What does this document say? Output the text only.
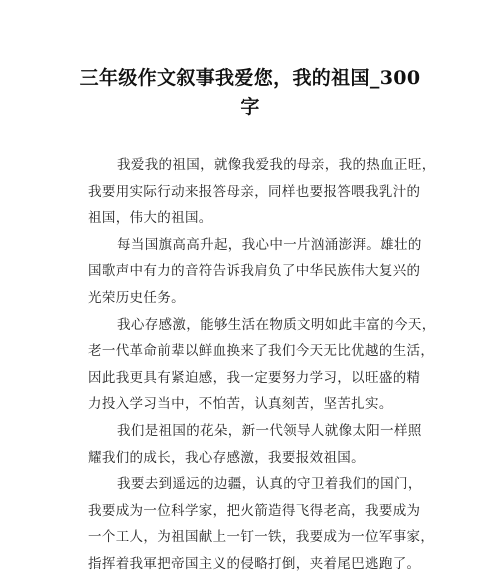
三年级作文叙事我爱您，我的祖国_300
字
我爱我的祖国，就像我爱我的母亲，我的热血正旺，
我要用实际行动来报答母亲，同样也要报答喂我乳汁的
祖国，伟大的祖国。
每当国旗高高升起，我心中一片汹涌澎湃。雄壮的
国歌声中有力的音符告诉我肩负了中华民族伟大复兴的
光荣历史任务。
我心存感激，能够生活在物质文明如此丰富的今天，
老一代革命前辈以鲜血换来了我们今天无比优越的生活，
因此我更具有紧迫感，我一定要努力学习，以旺盛的精
力投入学习当中，不怕苦，认真刻苦，坚苦扎实。
我们是祖国的花朵，新一代领导人就像太阳一样照
耀我们的成长，我心存感激，我要报效祖国。
我要去到遥远的边疆，认真的守卫着我们的国门，
我要成为一位科学家，把火箭造得飞得老高，我要成为
一个工人，为祖国献上一钉一铁，我要成为一位军事家，
指挥着我軍把帝国主义的侵略打倒，夹着尾巴逃跑了。
